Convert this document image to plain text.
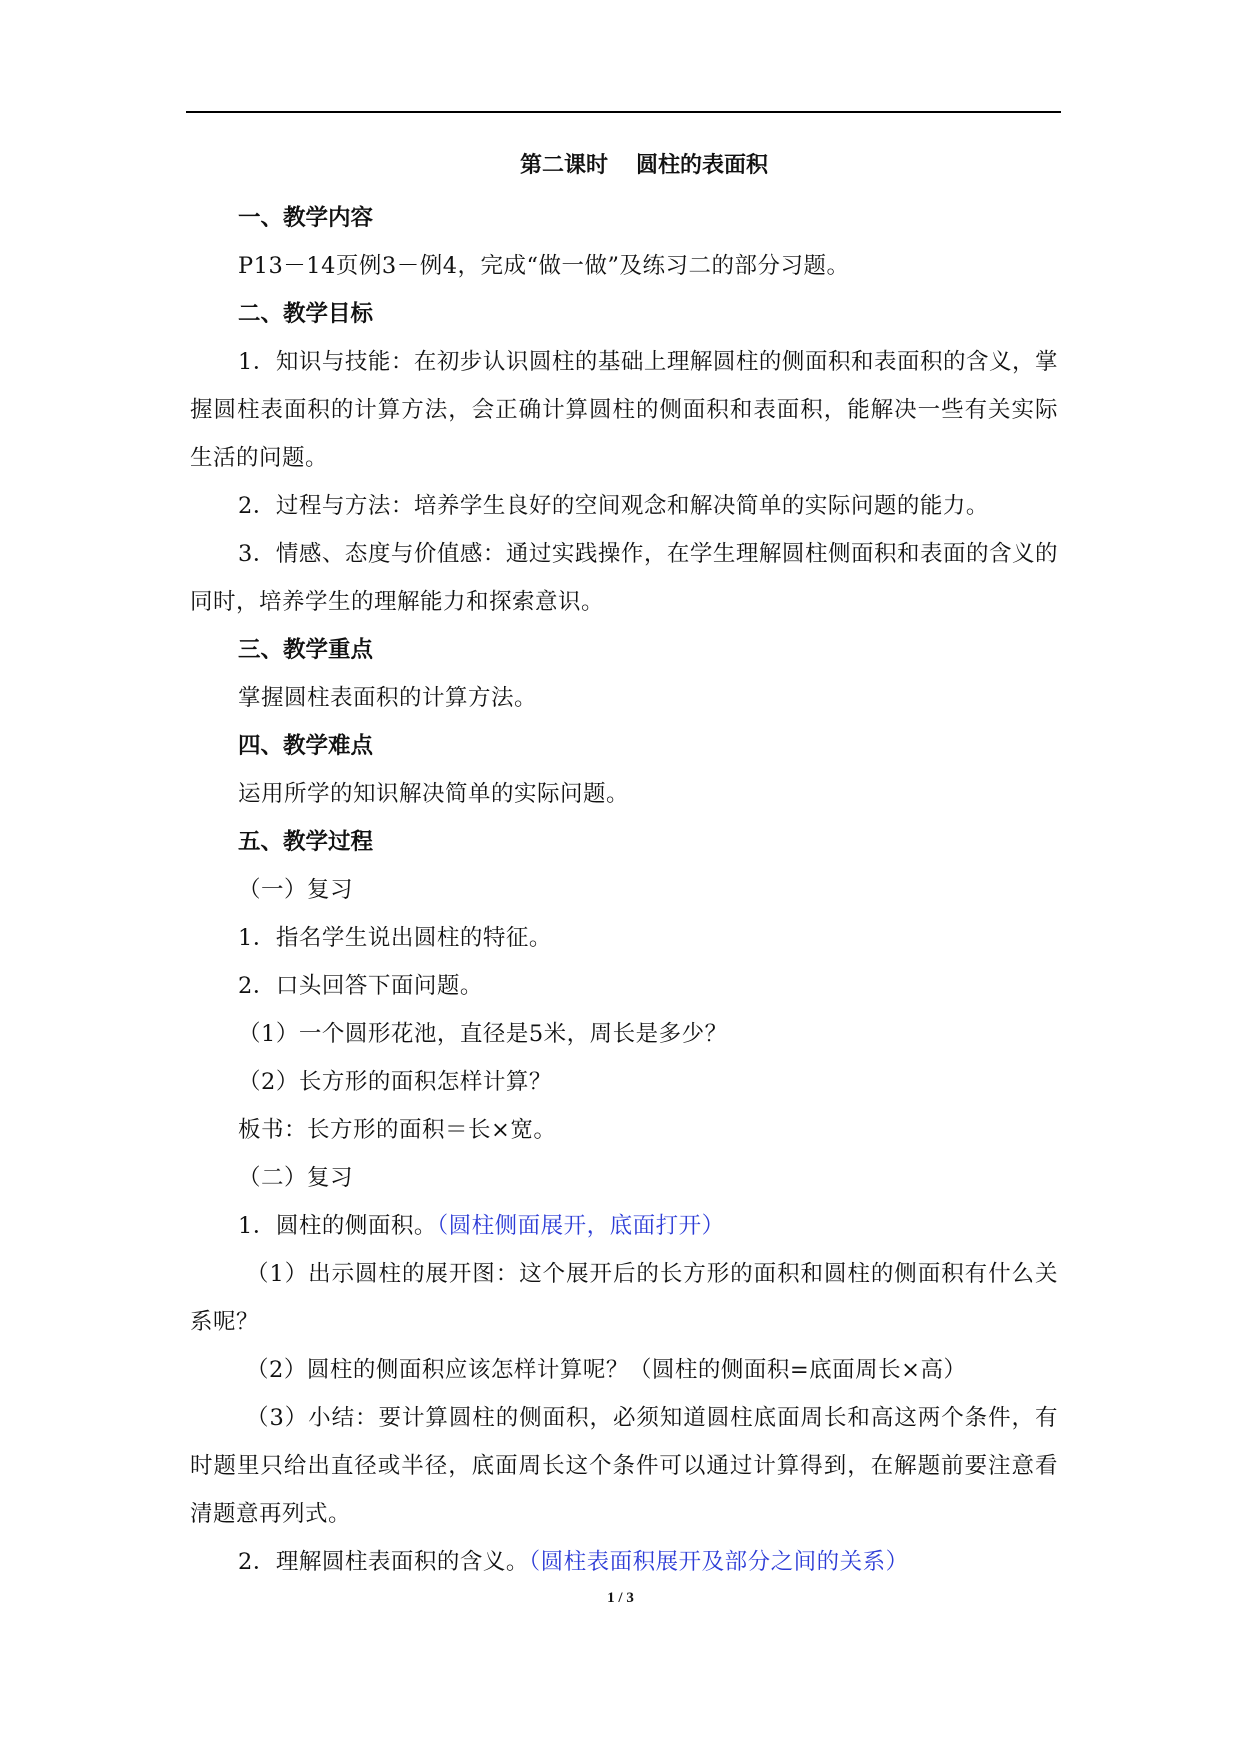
第二课时 圆柱的表面积
一、教学内容
P13－14页例3－例4，完成“做一做”及练习二的部分习题。
二、教学目标
1．知识与技能：在初步认识圆柱的基础上理解圆柱的侧面积和表面积的含义，掌握圆柱表面积的计算方法，会正确计算圆柱的侧面积和表面积，能解决一些有关实际生活的问题。
2．过程与方法：培养学生良好的空间观念和解决简单的实际问题的能力。
3．情感、态度与价值感：通过实践操作，在学生理解圆柱侧面积和表面的含义的同时，培养学生的理解能力和探索意识。
三、教学重点
掌握圆柱表面积的计算方法。
四、教学难点
运用所学的知识解决简单的实际问题。
五、教学过程
（一）复习
1．指名学生说出圆柱的特征。
2．口头回答下面问题。
（1）一个圆形花池，直径是5米，周长是多少？
（2）长方形的面积怎样计算？
板书：长方形的面积＝长×宽。
（二）复习
1．圆柱的侧面积。（圆柱侧面展开，底面打开）
（1）出示圆柱的展开图：这个展开后的长方形的面积和圆柱的侧面积有什么关系呢？
（2）圆柱的侧面积应该怎样计算呢？（圆柱的侧面积=底面周长×高）
（3）小结：要计算圆柱的侧面积，必须知道圆柱底面周长和高这两个条件，有时题里只给出直径或半径，底面周长这个条件可以通过计算得到，在解题前要注意看清题意再列式。
2．理解圆柱表面积的含义。（圆柱表面积展开及部分之间的关系）
1 / 3
